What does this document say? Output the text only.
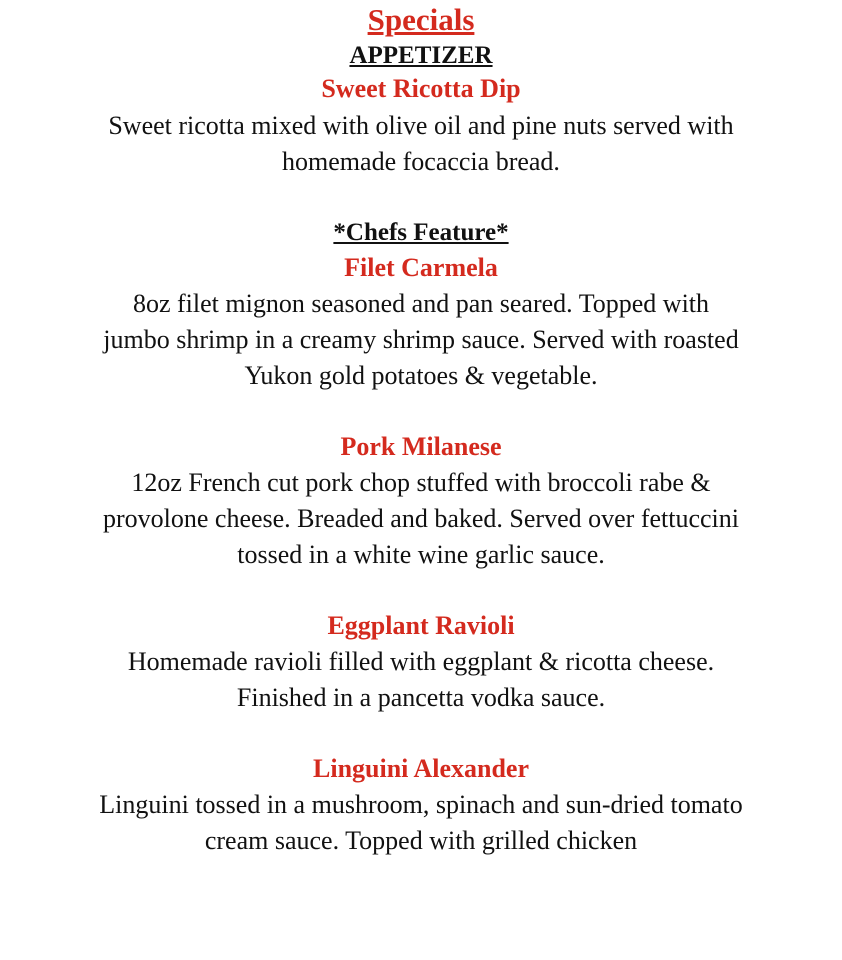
Specials
APPETIZER
Sweet Ricotta Dip
Sweet ricotta mixed with olive oil and pine nuts served with
homemade focaccia bread.
*Chefs Feature*
Filet Carmela
8oz filet mignon seasoned and pan seared. Topped with
jumbo shrimp in a creamy shrimp sauce. Served with roasted
Yukon gold potatoes & vegetable.
Pork Milanese
12oz French cut pork chop stuffed with broccoli rabe &
provolone cheese. Breaded and baked. Served over fettuccini
tossed in a white wine garlic sauce.
Eggplant Ravioli
Homemade ravioli filled with eggplant & ricotta cheese.
Finished in a pancetta vodka sauce.
Linguini Alexander
Linguini tossed in a mushroom, spinach and sun-dried tomato
cream sauce. Topped with grilled chicken
